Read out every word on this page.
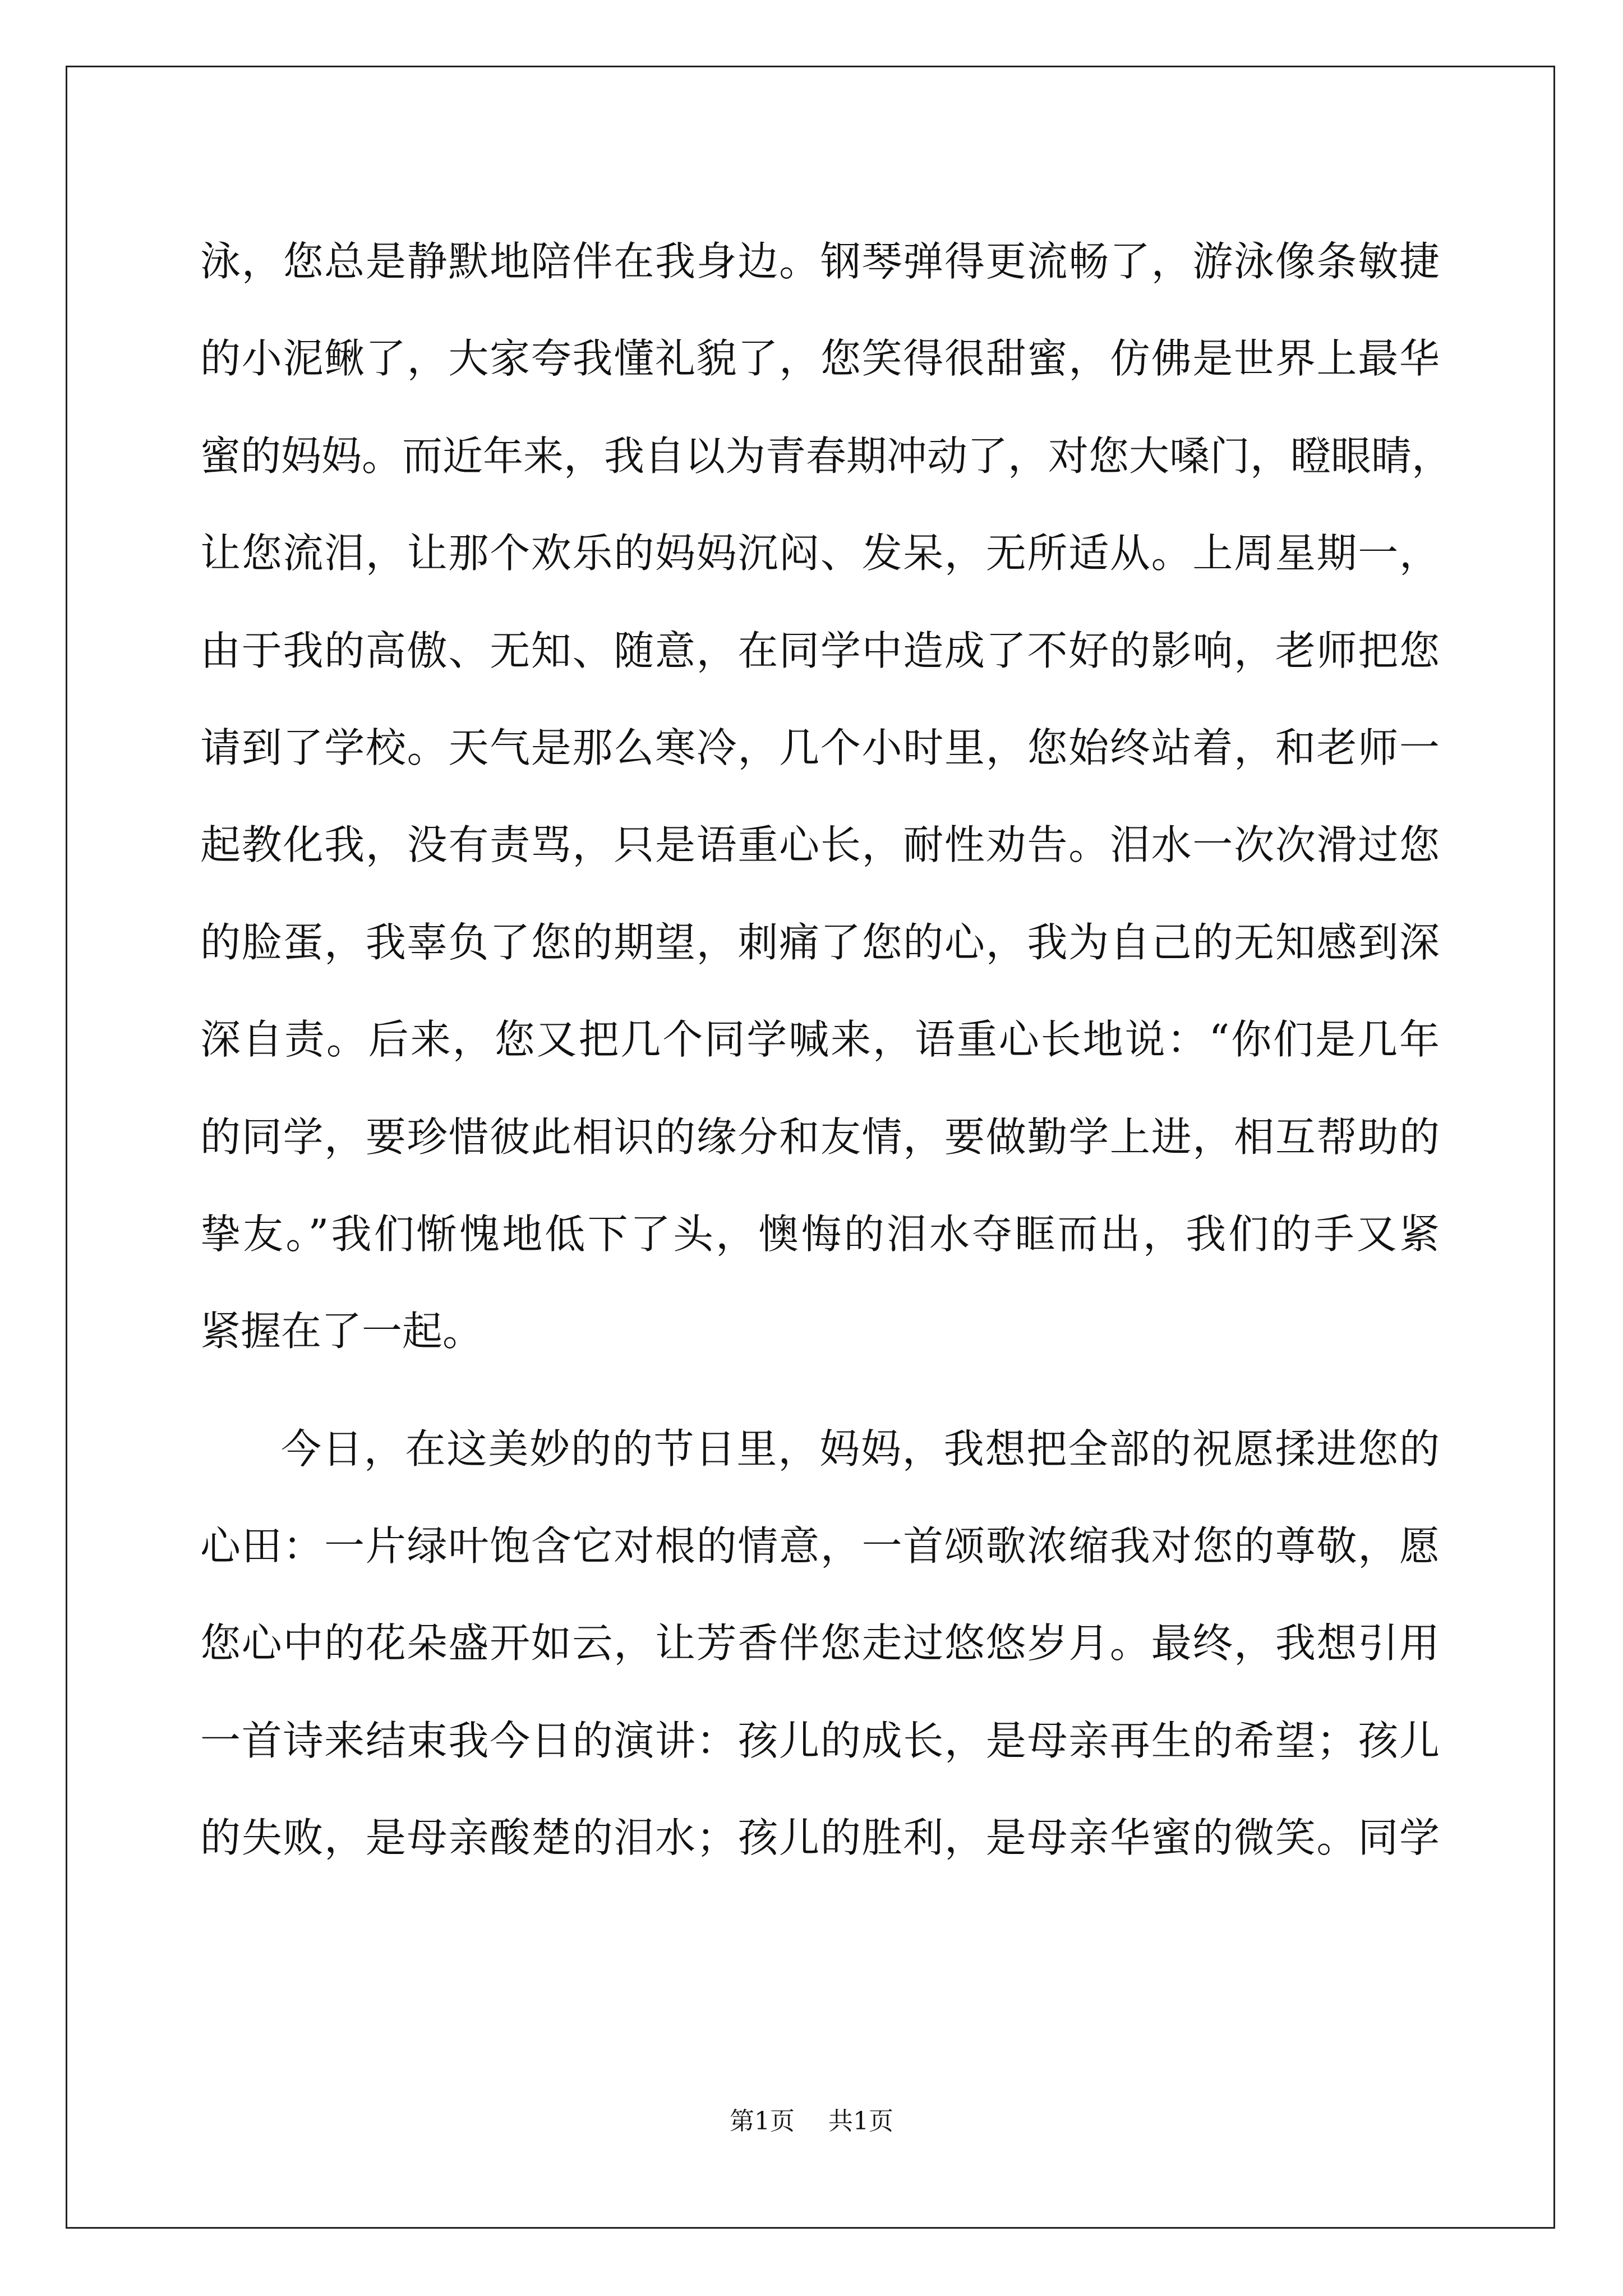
泳，您总是静默地陪伴在我身边。钢琴弹得更流畅了，游泳像条敏捷
的小泥鳅了，大家夸我懂礼貌了，您笑得很甜蜜，仿佛是世界上最华
蜜的妈妈。而近年来，我自以为青春期冲动了，对您大嗓门，瞪眼睛，
让您流泪，让那个欢乐的妈妈沉闷、发呆，无所适从。上周星期一，
由于我的高傲、无知、随意，在同学中造成了不好的影响，老师把您
请到了学校。天气是那么寒冷，几个小时里，您始终站着，和老师一
起教化我，没有责骂，只是语重心长，耐性劝告。泪水一次次滑过您
的脸蛋，我辜负了您的期望，刺痛了您的心，我为自己的无知感到深
深自责。后来，您又把几个同学喊来，语重心长地说：“你们是几年
的同学，要珍惜彼此相识的缘分和友情，要做勤学上进，相互帮助的
挚友。”我们惭愧地低下了头，懊悔的泪水夺眶而出，我们的手又紧
紧握在了一起。
今日，在这美妙的的节日里，妈妈，我想把全部的祝愿揉进您的
心田：一片绿叶饱含它对根的情意，一首颂歌浓缩我对您的尊敬，愿
您心中的花朵盛开如云，让芳香伴您走过悠悠岁月。最终，我想引用
一首诗来结束我今日的演讲：孩儿的成长，是母亲再生的希望；孩儿
的失败，是母亲酸楚的泪水；孩儿的胜利，是母亲华蜜的微笑。同学
第1页 共1页
